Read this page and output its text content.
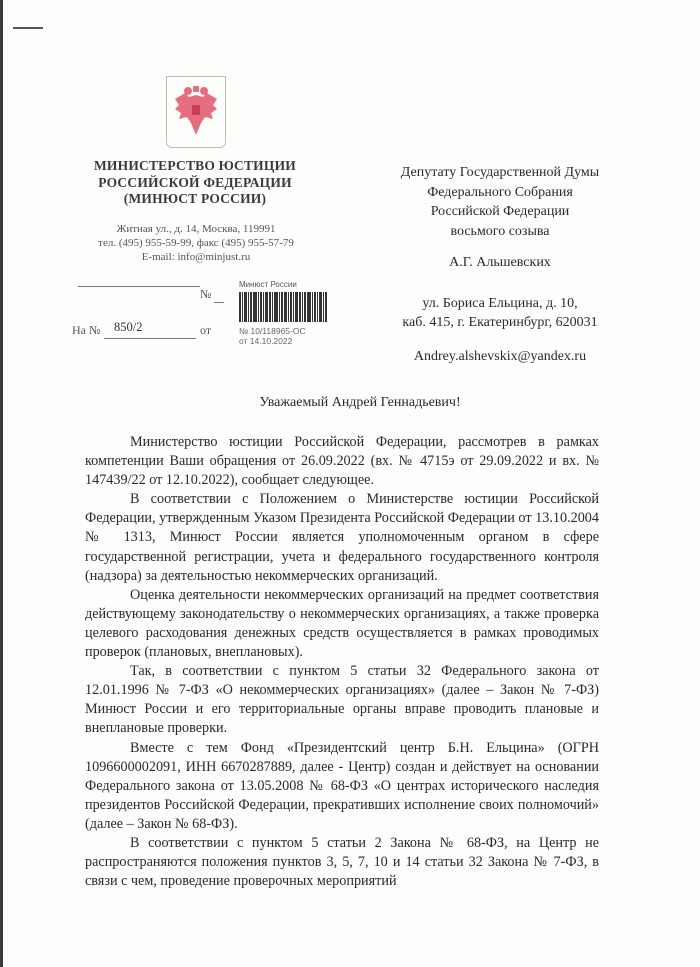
МИНИСТЕРСТВО ЮСТИЦИИ
РОССИЙСКОЙ ФЕДЕРАЦИИ
(МИНЮСТ РОССИИ)
Житная ул., д. 14, Москва, 119991
тел. (495) 955-59-99, факс (495) 955-57-79
E-mail: info@minjust.ru
№
На № 850/2	от
Минюст России
№ 10/118965-ОС
от 14.10.2022
Депутату Государственной Думы
Федерального Собрания
Российской Федерации
восьмого созыва
А.Г. Альшевских
ул. Бориса Ельцина, д. 10,
каб. 415, г. Екатеринбург, 620031
Andrey.alshevskix@yandex.ru
Уважаемый Андрей Геннадьевич!

Министерство юстиции Российской Федерации, рассмотрев в рамках компетенции Ваши обращения от 26.09.2022 (вх. № 4715э от 29.09.2022 и вх. № 147439/22 от 12.10.2022), сообщает следующее.

В соответствии с Положением о Министерстве юстиции Российской Федерации, утвержденным Указом Президента Российской Федерации от 13.10.2004 № 1313, Минюст России является уполномоченным органом в сфере государственной регистрации, учета и федерального государственного контроля (надзора) за деятельностью некоммерческих организаций.

Оценка деятельности некоммерческих организаций на предмет соответствия действующему законодательству о некоммерческих организациях, а также проверка целевого расходования денежных средств осуществляется в рамках проводимых проверок (плановых, внеплановых).

Так, в соответствии с пунктом 5 статьи 32 Федерального закона от 12.01.1996 № 7-ФЗ «О некоммерческих организациях» (далее – Закон № 7-ФЗ) Минюст России и его территориальные органы вправе проводить плановые и внеплановые проверки.

Вместе с тем Фонд «Президентский центр Б.Н. Ельцина» (ОГРН 1096600002091, ИНН 6670287889, далее - Центр) создан и действует на основании Федерального закона от 13.05.2008 № 68-ФЗ «О центрах исторического наследия президентов Российской Федерации, прекративших исполнение своих полномочий» (далее – Закон № 68-ФЗ).

В соответствии с пунктом 5 статьи 2 Закона № 68-ФЗ, на Центр не распространяются положения пунктов 3, 5, 7, 10 и 14 статьи 32 Закона № 7-ФЗ, в связи с чем, проведение проверочных мероприятий
